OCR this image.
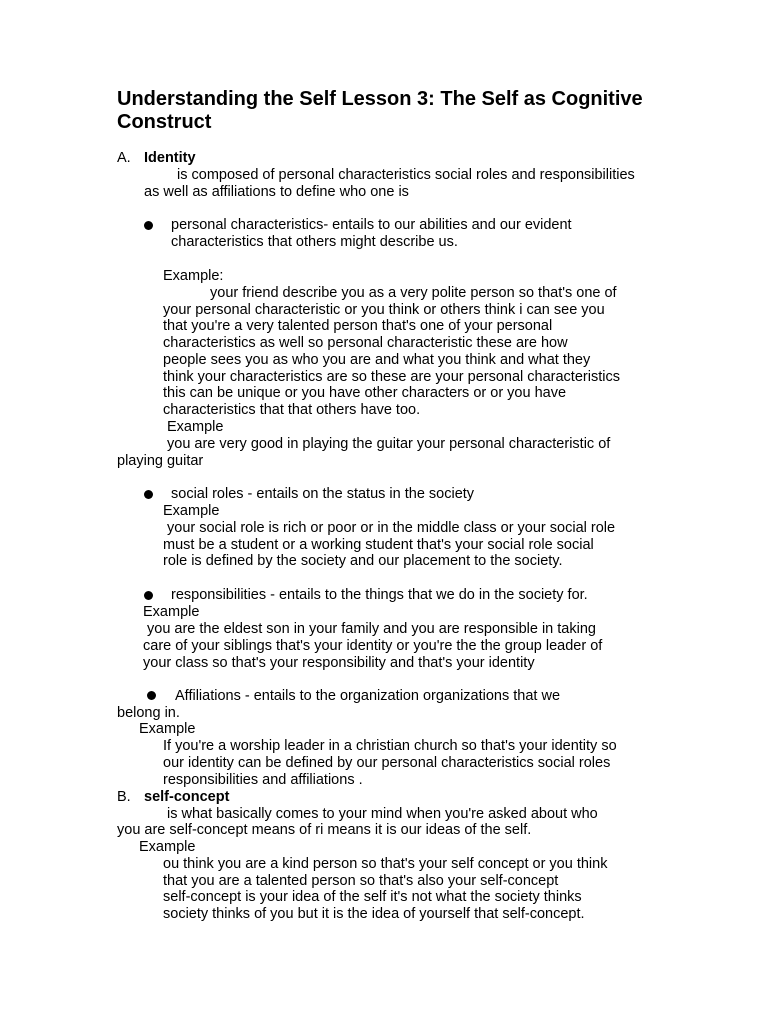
Understanding the Self Lesson 3: The Self as Cognitive Construct
A. Identity
is composed of personal characteristics social roles and responsibilities
as well as affiliations to define who one is
personal characteristics- entails to our abilities and our evident
characteristics that others might describe us.
Example:
your friend describe you as a very polite person so that's one of
your personal characteristic or you think or others think i can see you
that you're a very talented person that's one of your personal
characteristics as well so personal characteristic these are how
people sees you as who you are and what you think and what they
think your characteristics are so these are your personal characteristics
this can be unique or you have other characters or or you have
characteristics that that others have too.
Example
you are very good in playing the guitar your personal characteristic of
playing guitar
social roles - entails on the status in the society
Example
your social role is rich or poor or in the middle class or your social role
must be a student or a working student that's your social role social
role is defined by the society and our placement to the society.
responsibilities - entails to the things that we do in the society for.
Example
you are the eldest son in your family and you are responsible in taking
care of your siblings that's your identity or you're the the group leader of
your class so that's your responsibility and that's your identity
Affiliations - entails to the organization organizations that we
belong in.
Example
If you're a worship leader in a christian church so that's your identity so
our identity can be defined by our personal characteristics social roles
responsibilities and affiliations .
B. self-concept
is what basically comes to your mind when you're asked about who
you are self-concept means of ri means it is our ideas of the self.
Example
ou think you are a kind person so that's your self concept or you think
that you are a talented person so that's also your self-concept
self-concept is your idea of the self it's not what the society thinks
society thinks of you but it is the idea of yourself that self-concept.
